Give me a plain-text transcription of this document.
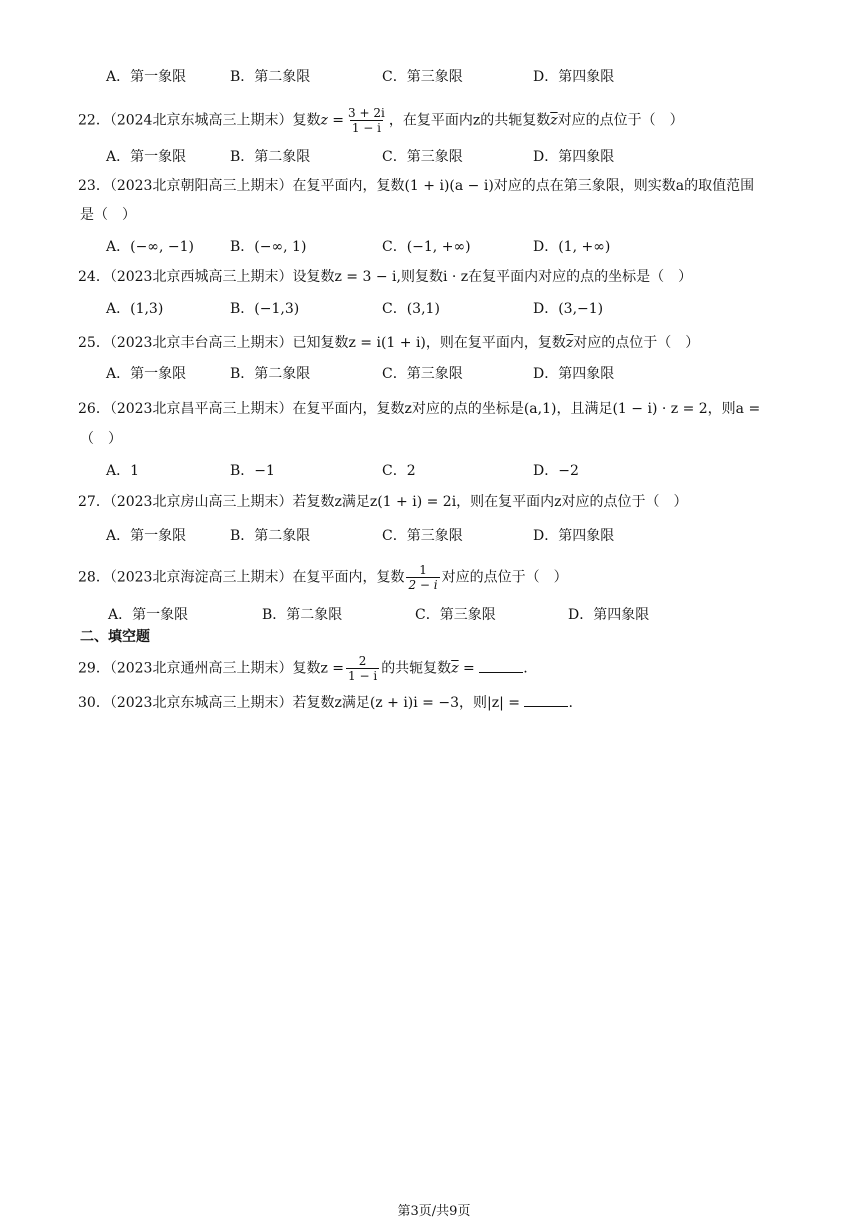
A．第一象限	B．第二象限	C．第三象限	D．第四象限
22．（2024北京东城高三上期末）复数$z = \frac{3 + 2i}{1 - i}$ ，在复平面内z的共轭复数$\overline{z}$对应的点位于（　）
A．第一象限	B．第二象限	C．第三象限	D．第四象限
23．（2023北京朝阳高三上期末）在复平面内，复数(1 + i)(a − i)对应的点在第三象限，则实数a的取值范围
是（　）
A．(−∞, −1)	B．(−∞, 1)	C．(−1, +∞)	D．(1, +∞)
24．（2023北京西城高三上期末）设复数z = 3 − i,则复数i · z在复平面内对应的点的坐标是（　）
A．(1,3)	B．(−1,3)	C．(3,1)	D．(3,−1)
25．（2023北京丰台高三上期末）已知复数z = i(1 + i)，则在复平面内，复数$\overline{z}$对应的点位于（　）
A．第一象限	B．第二象限	C．第三象限	D．第四象限
26．（2023北京昌平高三上期末）在复平面内，复数z对应的点的坐标是(a,1)，且满足(1 − i) · z = 2，则a =
（　）
A．1	B．−1	C．2	D．−2
27．（2023北京房山高三上期末）若复数z满足z(1 + i) = 2i，则在复平面内z对应的点位于（　）
A．第一象限	B．第二象限	C．第三象限	D．第四象限
28．（2023北京海淀高三上期末）在复平面内，复数 $\frac{1}{2 - i}$ 对应的点位于（　）
A．第一象限	B．第二象限	C．第三象限	D．第四象限
二、填空题
29．（2023北京通州高三上期末）复数$z = \frac{2}{1 - i}$ 的共轭复数$\overline{z}$ =	.
30．（2023北京东城高三上期末）若复数z满足(z + i)i = −3，则|z| =	.
第3页/共9页
